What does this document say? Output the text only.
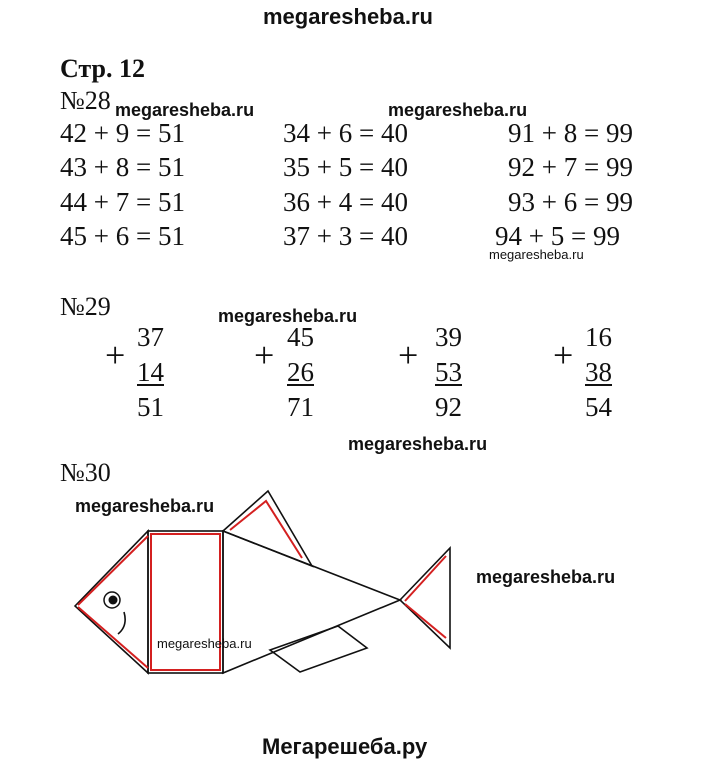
megaresheba.ru
Стр. 12
№28 megaresheba.ru	megaresheba.ru
42 + 9 = 51
43 + 8 = 51
44 + 7 = 51
45 + 6 = 51
34 + 6 = 40
35 + 5 = 40
36 + 4 = 40
37 + 3 = 40
91 + 8 = 99
92 + 7 = 99
93 + 6 = 99
94 + 5 = 99
megaresheba.ru
№29	megaresheba.ru
+ 37
14
51
+ 45
26
71
+ 39
53
92
+ 16
38
54
megaresheba.ru
№30
megaresheba.ru
megaresheba.ru
megaresheba.ru
Мегарешеба.ру
